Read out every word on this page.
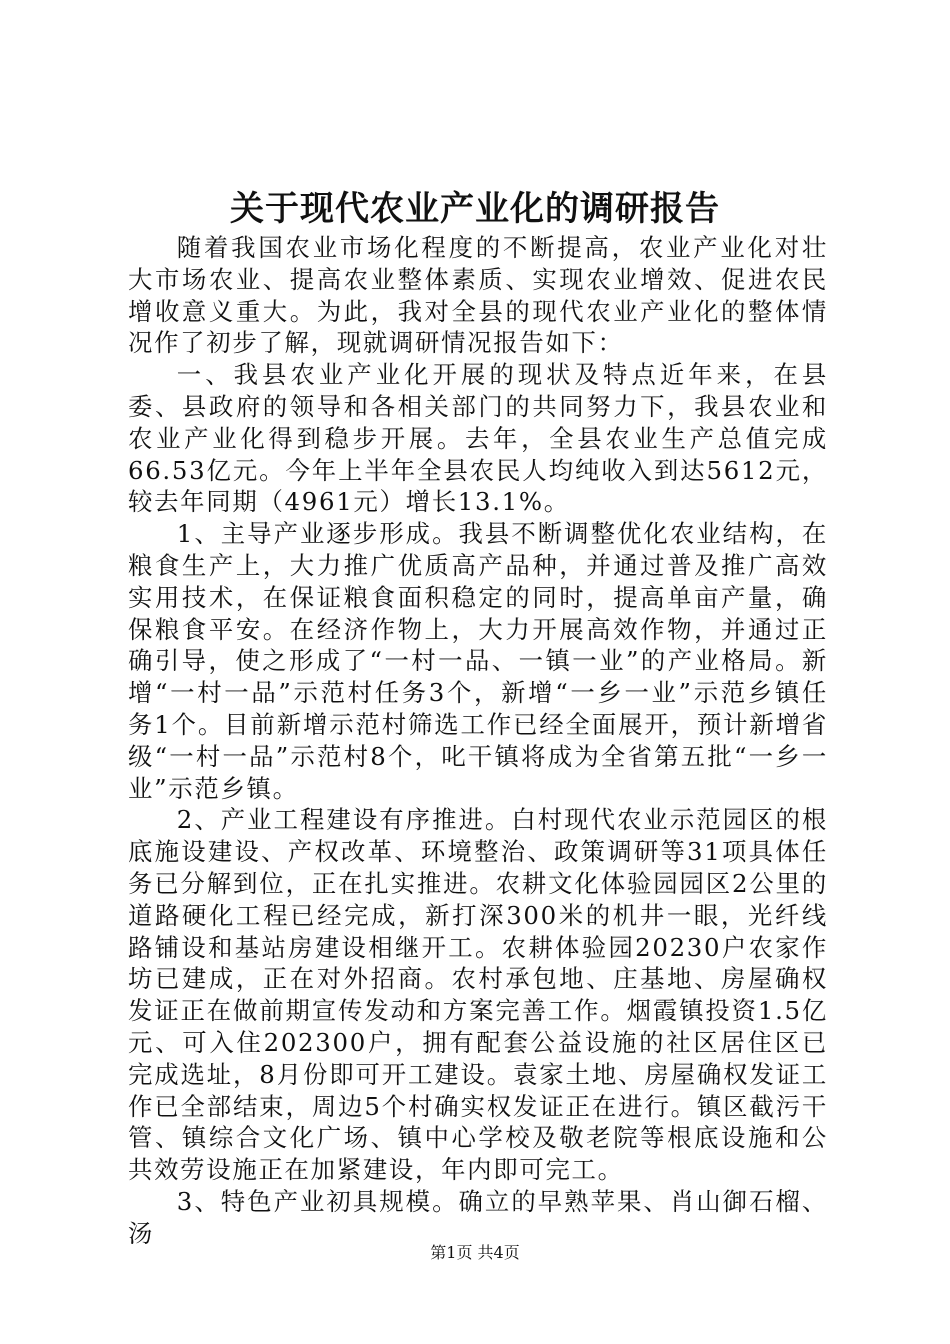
关于现代农业产业化的调研报告

随着我国农业市场化程度的不断提高，农业产业化对壮大市场农业、提高农业整体素质、实现农业增效、促进农民增收意义重大。为此，我对全县的现代农业产业化的整体情况作了初步了解，现就调研情况报告如下：

一、我县农业产业化开展的现状及特点近年来，在县委、县政府的领导和各相关部门的共同努力下，我县农业和农业产业化得到稳步开展。去年，全县农业生产总值完成66.53亿元。今年上半年全县农民人均纯收入到达5612元，较去年同期（4961元）增长13.1%。

1、主导产业逐步形成。我县不断调整优化农业结构，在粮食生产上，大力推广优质高产品种，并通过普及推广高效实用技术，在保证粮食面积稳定的同时，提高单亩产量，确保粮食平安。在经济作物上，大力开展高效作物，并通过正确引导，使之形成了“一村一品、一镇一业”的产业格局。新增“一村一品”示范村任务3个，新增“一乡一业”示范乡镇任务1个。目前新增示范村筛选工作已经全面展开，预计新增省级“一村一品”示范村8个，叱干镇将成为全省第五批“一乡一业”示范乡镇。

2、产业工程建设有序推进。白村现代农业示范园区的根底施设建设、产权改革、环境整治、政策调研等31项具体任务已分解到位，正在扎实推进。农耕文化体验园园区2公里的道路硬化工程已经完成，新打深300米的机井一眼，光纤线路铺设和基站房建设相继开工。农耕体验园20230户农家作坊已建成，正在对外招商。农村承包地、庄基地、房屋确权发证正在做前期宣传发动和方案完善工作。烟霞镇投资1.5亿元、可入住202300户，拥有配套公益设施的社区居住区已完成选址，8月份即可开工建设。袁家土地、房屋确权发证工作已全部结束，周边5个村确实权发证正在进行。镇区截污干管、镇综合文化广场、镇中心学校及敬老院等根底设施和公共效劳设施正在加紧建设，年内即可完工。

3、特色产业初具规模。确立的早熟苹果、肖山御石榴、汤

第1页 共4页
